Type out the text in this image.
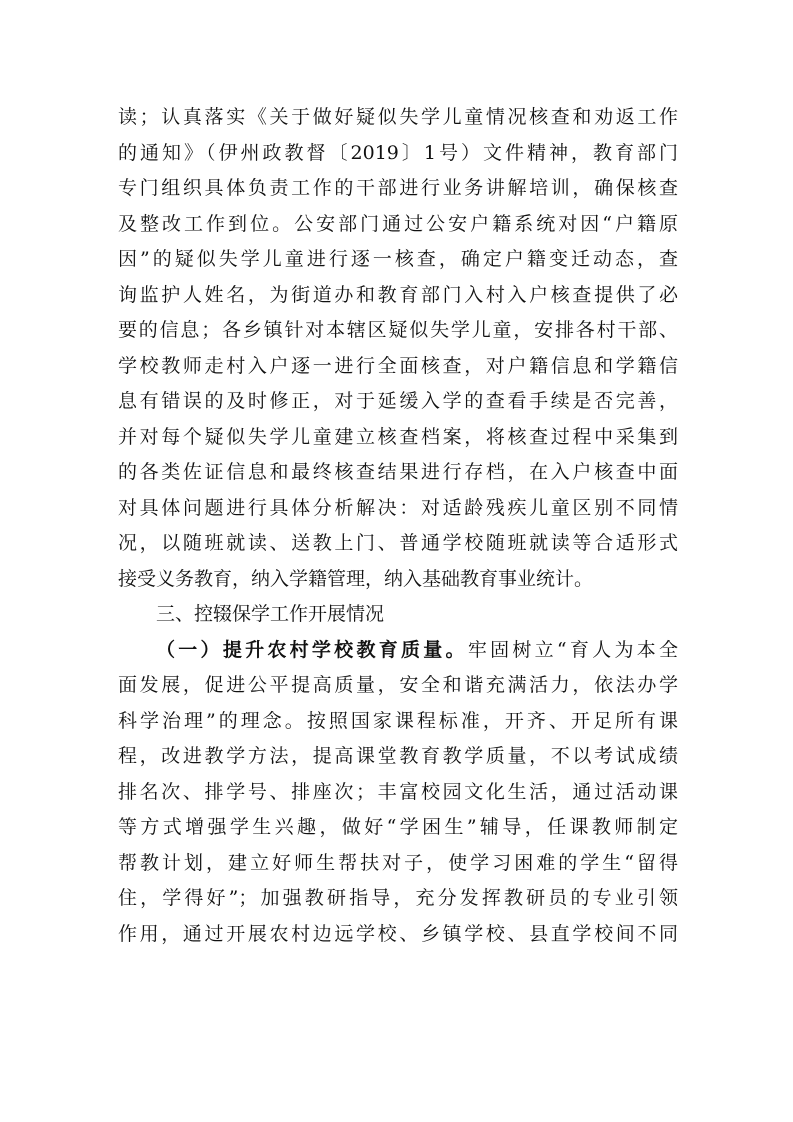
读；认真落实《关于做好疑似失学儿童情况核查和劝返工作

的通知》（伊州政教督〔2019〕1号）文件精神，教育部门

专门组织具体负责工作的干部进行业务讲解培训，确保核查

及整改工作到位。公安部门通过公安户籍系统对因“户籍原

因”的疑似失学儿童进行逐一核查，确定户籍变迁动态，查

询监护人姓名，为街道办和教育部门入村入户核查提供了必

要的信息；各乡镇针对本辖区疑似失学儿童，安排各村干部、

学校教师走村入户逐一进行全面核查，对户籍信息和学籍信

息有错误的及时修正，对于延缓入学的查看手续是否完善，

并对每个疑似失学儿童建立核查档案，将核查过程中采集到

的各类佐证信息和最终核查结果进行存档，在入户核查中面

对具体问题进行具体分析解决：对适龄残疾儿童区别不同情

况，以随班就读、送教上门、普通学校随班就读等合适形式

接受义务教育，纳入学籍管理，纳入基础教育事业统计。

三、控辍保学工作开展情况

（一）提升农村学校教育质量。牢固树立“育人为本全

面发展，促进公平提高质量，安全和谐充满活力，依法办学

科学治理”的理念。按照国家课程标准，开齐、开足所有课

程，改进教学方法，提高课堂教育教学质量，不以考试成绩

排名次、排学号、排座次；丰富校园文化生活，通过活动课

等方式增强学生兴趣，做好“学困生”辅导，任课教师制定

帮教计划，建立好师生帮扶对子，使学习困难的学生“留得

住，学得好”；加强教研指导，充分发挥教研员的专业引领

作用，通过开展农村边远学校、乡镇学校、县直学校间不同
